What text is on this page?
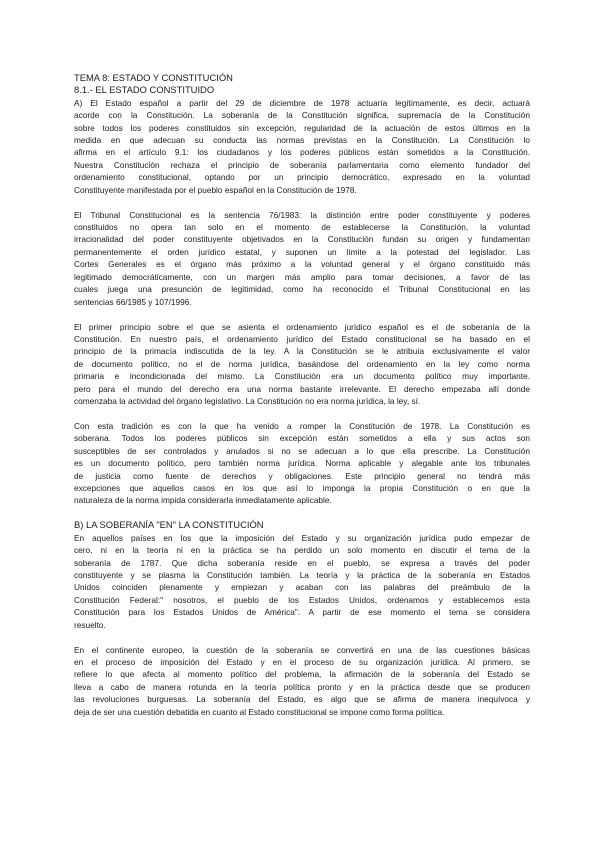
TEMA 8: ESTADO Y CONSTITUCIÓN
8.1.- EL ESTADO CONSTITUIDO
A) El Estado español a partir del 29 de diciembre de 1978 actuaría legítimamente, es decir, actuará
acorde con la Constitución. La soberanía de la Constitución significa, supremacía de la Constitución
sobre todos los poderes constituidos sin excepción, regularidad de la actuación de estos últimos en la
medida en que adecuan su conducta las normas previstas en la Constitución. La Constitución lo
afirma en el artículo 9.1: los ciudadanos y los poderes públicos están sometidos a la Constitución.
Nuestra Constitución rechaza el principio de soberanía parlamentaria como elemento fundador del
ordenamiento constitucional, optando por un principio democrático, expresado en la voluntad
Constituyente manifestada por el pueblo español en la Constitución de 1978.
El Tribunal Constitucional es la sentencia 76/1983: la distinción entre poder constituyente y poderes
constituidos no opera tan solo en el momento de establecerse la Constitución, la voluntad
irracionalidad del poder constituyente objetivados en la Constitución fundan su origen y fundamentan
permanentemente el orden jurídico estatal, y suponen un límite a la potestad del legislador. Las
Cortes Generales es el órgano más próximo a la voluntad general y el órgano constituido más
legitimado democráticamente, con un margen más amplio para tomar decisiones, a favor de las
cuales juega una presunción de legitimidad, como ha reconocido el Tribunal Constitucional en las
sentencias 66/1985 y 107/1996.
El primer principio sobre el que se asienta el ordenamiento jurídico español es el de soberanía de la
Constitución. En nuestro país, el ordenamiento jurídico del Estado constitucional se ha basado en el
principio de la primacía indiscutida de la ley. A la Constitución se le atribuía exclusivamente el valor
de documento político, no el de norma jurídica, basándose del ordenamiento en la ley como norma
primaria e incondicionada del mismo. La Constitución era un documento político muy importante.
pero para el mundo del derecho era una norma bastante irrelevante. El derecho empezaba allí donde
comenzaba la actividad del órgano legislativo. La Constitución no era norma jurídica, la ley, sí.
Con esta tradición es con la que ha venido a romper la Constitución de 1978. La Constitución es
soberana. Todos los poderes públicos sin excepción están sometidos a ella y sus actos son
susceptibles de ser controlados y anulados si no se adecuan a lo que ella prescribe. La Constitución
es un documento político, pero también norma jurídica. Norma aplicable y alegable ante los tribunales
de justicia como fuente de derechos y obligaciones. Este principio general no tendrá más
excepciones que aquellos casos en los que así lo imponga la propia Constitución o en que la
naturaleza de la norma impida considerarla inmediatamente aplicable.
B) LA SOBERANÍA "EN" LA CONSTITUCIÓN
En aquellos países en los que la imposición del Estado y su organización jurídica pudo empezar de
cero, ni en la teoría ni en la práctica se ha perdido un solo momento en discutir el tema de la
soberanía de 1787. Que dicha soberanía reside en el pueblo, se expresa a través del poder
constituyente y se plasma la Constitución también. La teoría y la práctica de la soberanía en Estados
Unidos coinciden plenamente y empiezan y acaban con las palabras del preámbulo de la
Constitución Federal:" nosotros, el pueblo de los Estados Unidos, ordenamos y establecemos esta
Constitución para los Estados Unidos de América". A partir de ese momento el tema se considera
resuelto.
En el continente europeo, la cuestión de la soberanía se convertirá en una de las cuestiones básicas
en el proceso de imposición del Estado y en el proceso de su organización jurídica. Al primero, se
refiere lo que afecta al momento político del problema, la afirmación de la soberanía del Estado se
lleva a cabo de manera rotunda en la teoría política pronto y en la práctica desde que se producen
las revoluciones burguesas. La soberanía del Estado, es algo que se afirma de manera inequívoca y
deja de ser una cuestión debatida en cuanto al Estado constitucional se impone como forma política.
